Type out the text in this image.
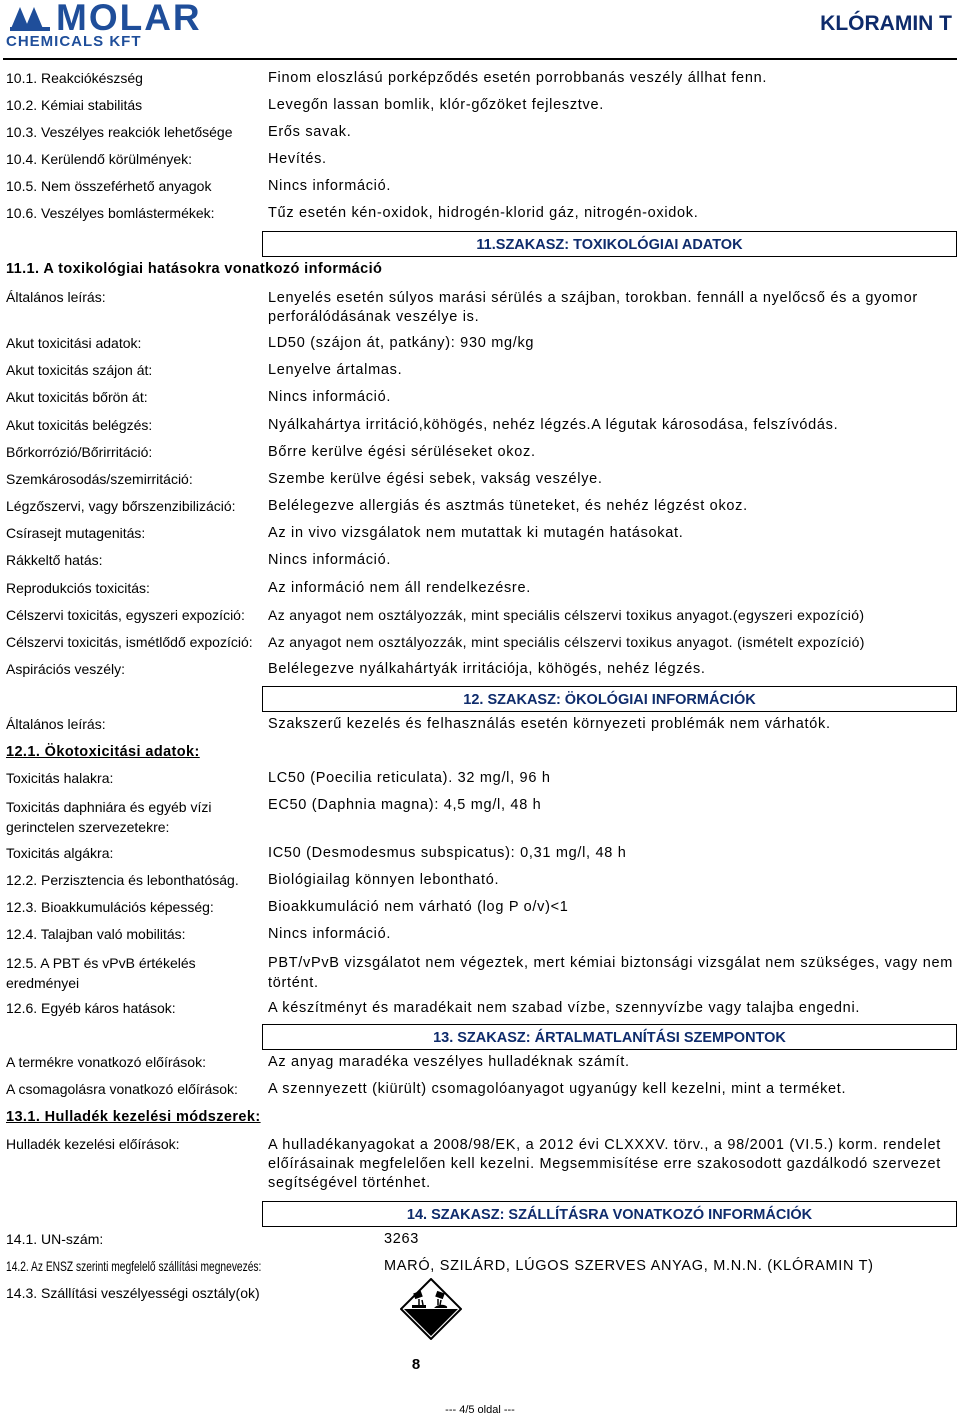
MOLAR
CHEMICALS KFT
KLÓRAMIN T
10.1. Reakciókészség	Finom eloszlású porképződés esetén porrobbanás veszély állhat fenn.
10.2. Kémiai stabilitás	Levegőn lassan bomlik, klór-gőzöket fejlesztve.
10.3. Veszélyes reakciók lehetősége Erős savak.
10.4. Kerülendő körülmények:	Hevítés.
10.5. Nem összeférhető anyagok	Nincs információ.
10.6. Veszélyes bomlástermékek:	Tűz esetén kén-oxidok, hidrogén-klorid gáz, nitrogén-oxidok.
11.SZAKASZ: TOXIKOLÓGIAI ADATOK
11.1. A toxikológiai hatásokra vonatkozó információ
Általános leírás:	Lenyelés esetén súlyos marási sérülés a szájban, torokban. fennáll a nyelőcső és a gyomor perforálódásának veszélye is.
Akut toxicitási adatok:	LD50 (szájon át, patkány): 930 mg/kg
Akut toxicitás szájon át:	Lenyelve ártalmas.
Akut toxicitás bőrön át:	Nincs információ.
Akut toxicitás belégzés:	Nyálkahártya irritáció,köhögés, nehéz légzés.A légutak károsodása, felszívódás.
Bőrkorrózió/Bőrirritáció:	Bőrre kerülve égési sérüléseket okoz.
Szemkárosodás/szemirritáció:	Szembe kerülve égési sebek, vakság veszélye.
Légzőszervi, vagy bőrszenzibilizáció: Belélegezve allergiás és asztmás tüneteket, és nehéz légzést okoz.
Csírasejt mutagenitás:	Az in vivo vizsgálatok nem mutattak ki mutagén hatásokat.
Rákkeltő hatás:	Nincs információ.
Reprodukciós toxicitás:	Az információ nem áll rendelkezésre.
Célszervi toxicitás, egyszeri expozíció: Az anyagot nem osztályozzák, mint speciális célszervi toxikus anyagot.(egyszeri expozíció)
Célszervi toxicitás, ismétlődő expozíció: Az anyagot nem osztályozzák, mint speciális célszervi toxikus anyagot. (ismételt expozíció)
Aspirációs veszély:	Belélegezve nyálkahártyák irritációja, köhögés, nehéz légzés.
12. SZAKASZ: ÖKOLÓGIAI INFORMÁCIÓK
Általános leírás:	Szakszerű kezelés és felhasználás esetén környezeti problémák nem várhatók.
12.1. Ökotoxicitási adatok:
Toxicitás halakra:	LC50 (Poecilia reticulata). 32 mg/l, 96 h
Toxicitás daphniára és egyéb vízi gerinctelen szervezetekre:
EC50 (Daphnia magna): 4,5 mg/l, 48 h
Toxicitás algákra:	IC50 (Desmodesmus subspicatus): 0,31 mg/l, 48 h
12.2. Perzisztencia és lebonthatóság. Biológiailag könnyen lebontható.
12.3. Bioakkumulációs képesség:	Bioakkumuláció nem várható (log P o/v)<1
12.4. Talajban való mobilitás:	Nincs információ.
12.5. A PBT és vPvB értékelés eredményei
PBT/vPvB vizsgálatot nem végeztek, mert kémiai biztonsági vizsgálat nem szükséges, vagy nem történt.
12.6. Egyéb káros hatások:	A készítményt és maradékait nem szabad vízbe, szennyvízbe vagy talajba engedni.
13. SZAKASZ: ÁRTALMATLANÍTÁSI SZEMPONTOK
A termékre vonatkozó előírások:	Az anyag maradéka veszélyes hulladéknak számít.
A csomagolásra vonatkozó előírások: A szennyezett (kiürült) csomagolóanyagot ugyanúgy kell kezelni, mint a terméket.
13.1. Hulladék kezelési módszerek:
Hulladék kezelési előírások:	A hulladékanyagokat a 2008/98/EK, a 2012 évi CLXXXV. törv., a 98/2001 (VI.5.) korm. rendelet előírásainak megfelelően kell kezelni. Megsemmisítése erre szakosodott gazdálkodó szervezet segítségével történhet.
14. SZAKASZ: SZÁLLÍTÁSRA VONATKOZÓ INFORMÁCIÓK
14.1. UN-szám:	3263
14.2. Az ENSZ szerinti megfelelő szállítási megnevezés:	MARÓ, SZILÁRD, LÚGOS SZERVES ANYAG, M.N.N. (KLÓRAMIN T)
14.3. Szállítási veszélyességi osztály(ok)
8
--- 4/5 oldal ---
